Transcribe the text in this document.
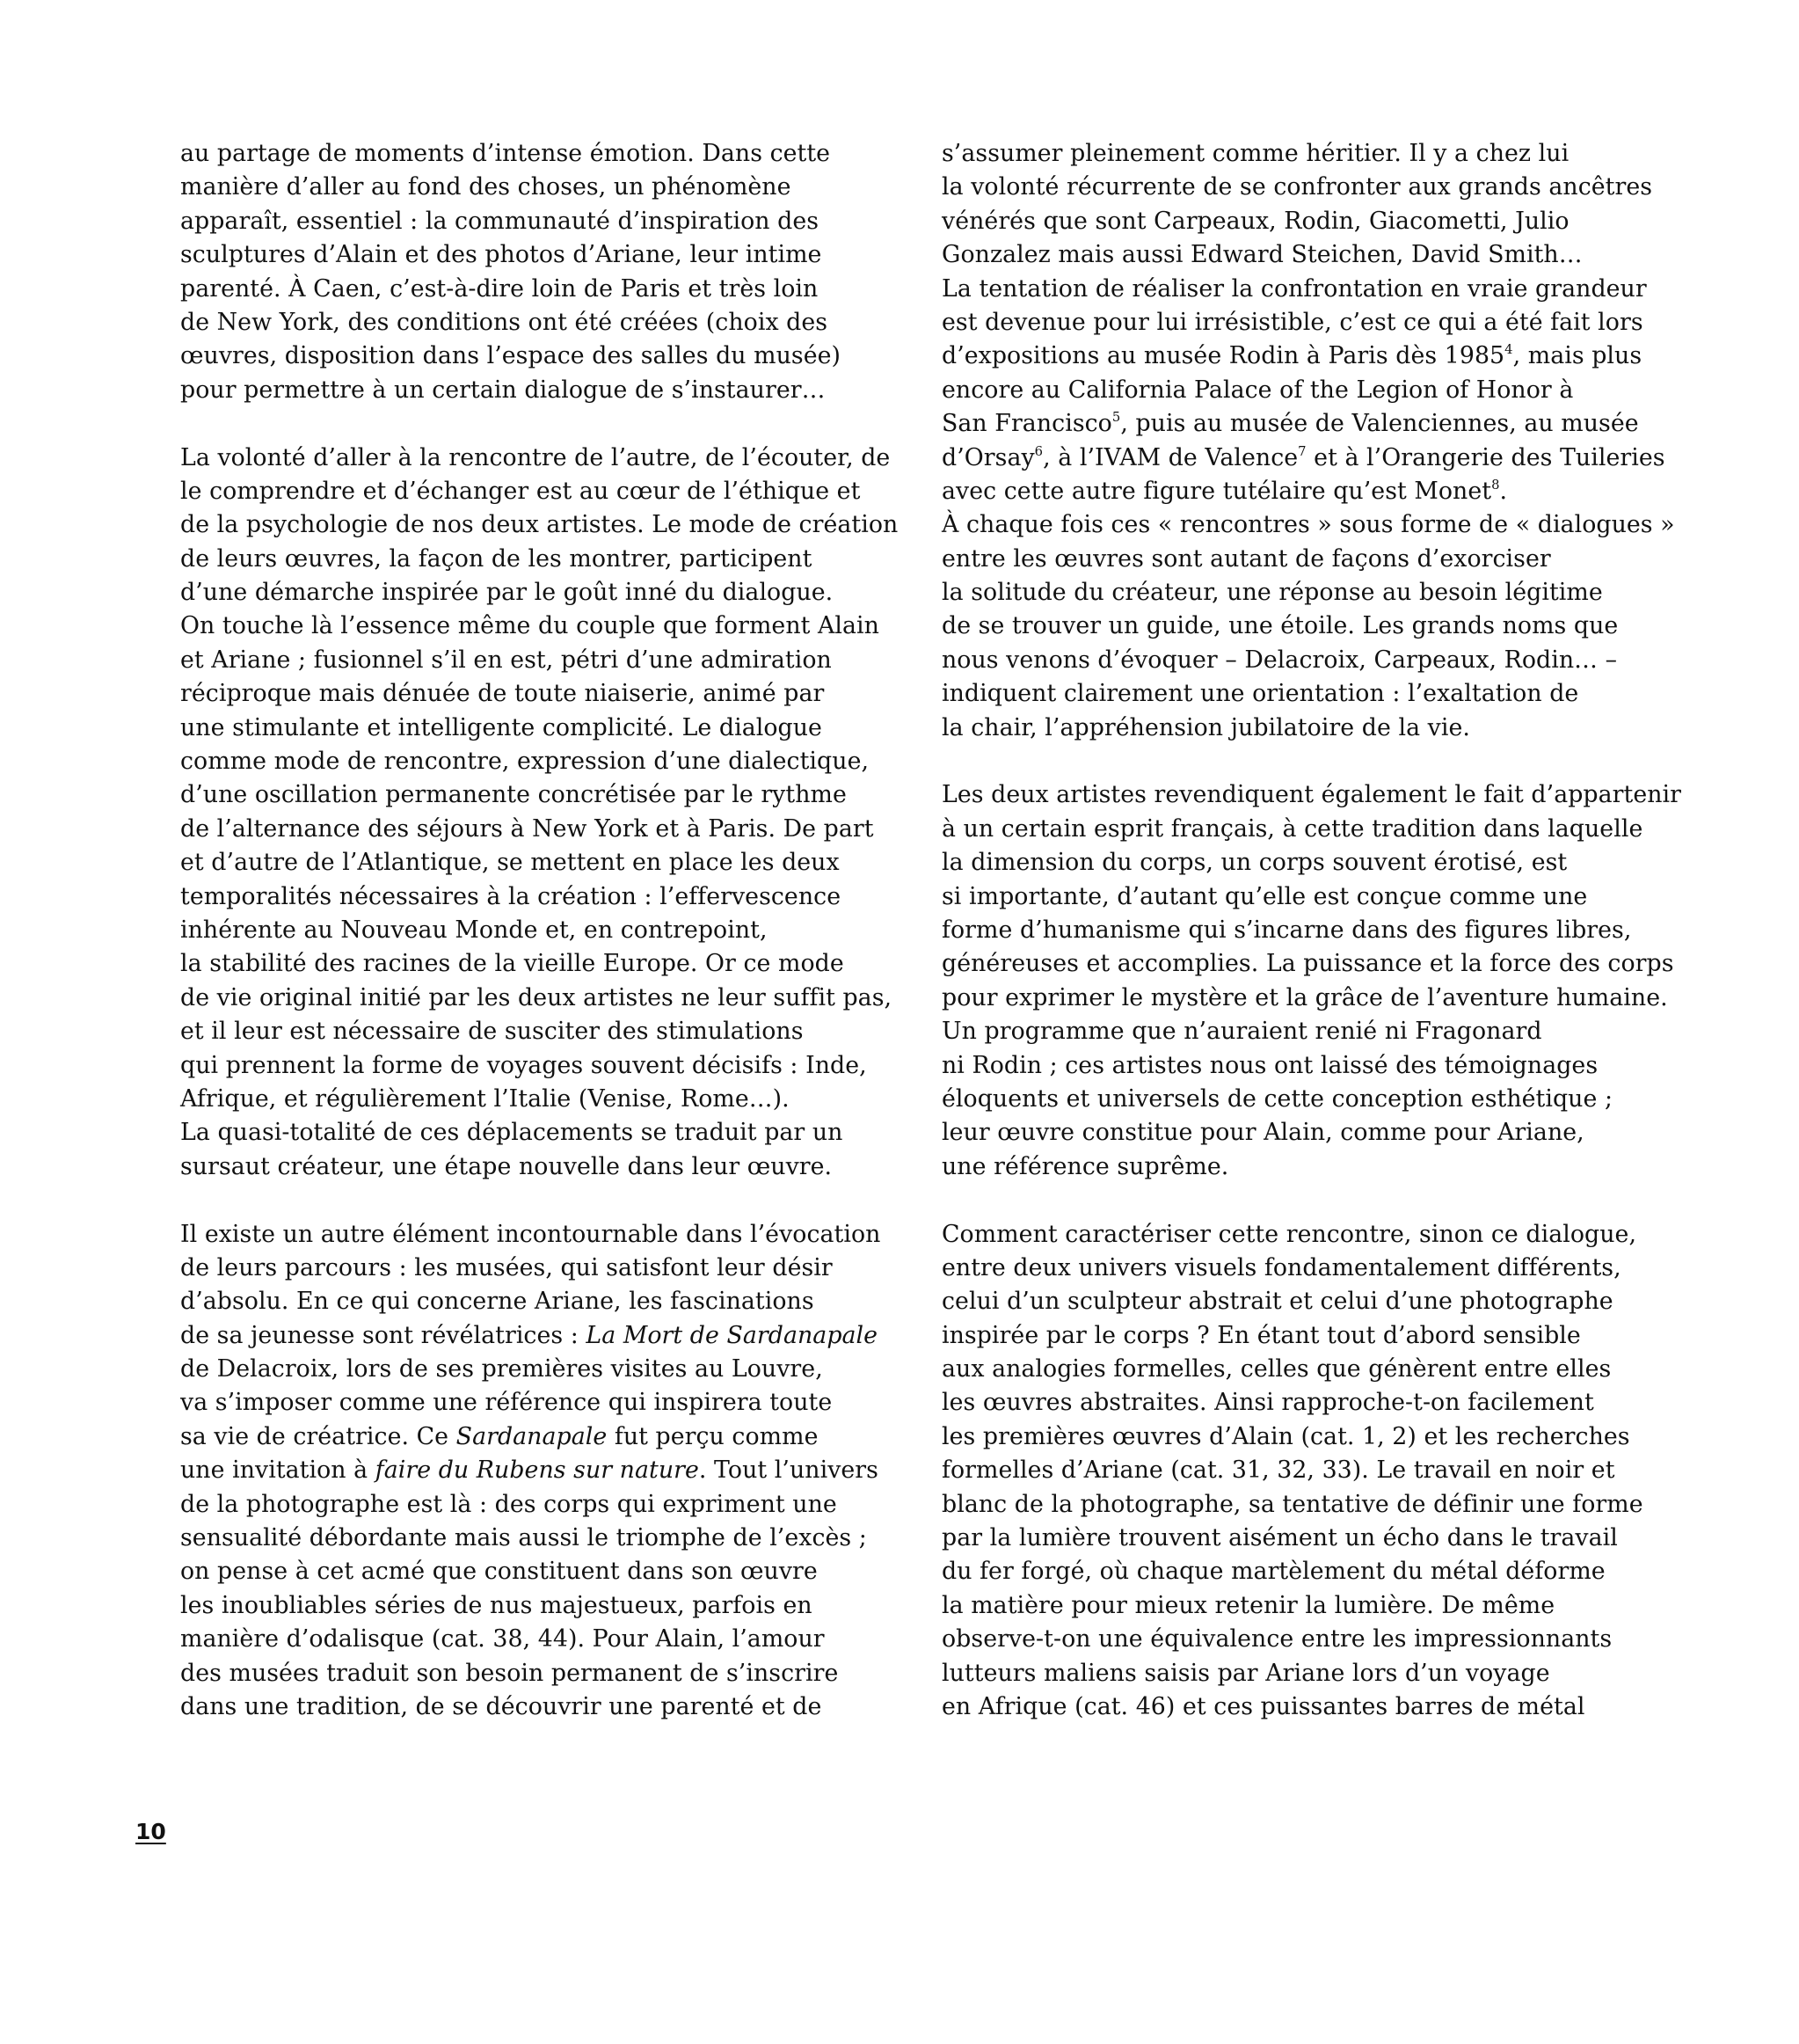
au partage de moments d’intense émotion. Dans cette
manière d’aller au fond des choses, un phénomène
apparaît, essentiel : la communauté d’inspiration des
sculptures d’Alain et des photos d’Ariane, leur intime
parenté. À Caen, c’est-à-dire loin de Paris et très loin
de New York, des conditions ont été créées (choix des
œuvres, disposition dans l’espace des salles du musée)
pour permettre à un certain dialogue de s’instaurer…
La volonté d’aller à la rencontre de l’autre, de l’écouter, de
le comprendre et d’échanger est au cœur de l’éthique et
de la psychologie de nos deux artistes. Le mode de création
de leurs œuvres, la façon de les montrer, participent
d’une démarche inspirée par le goût inné du dialogue.
On touche là l’essence même du couple que forment Alain
et Ariane ; fusionnel s’il en est, pétri d’une admiration
réciproque mais dénuée de toute niaiserie, animé par
une stimulante et intelligente complicité. Le dialogue
comme mode de rencontre, expression d’une dialectique,
d’une oscillation permanente concrétisée par le rythme
de l’alternance des séjours à New York et à Paris. De part
et d’autre de l’Atlantique, se mettent en place les deux
temporalités nécessaires à la création : l’effervescence
inhérente au Nouveau Monde et, en contrepoint,
la stabilité des racines de la vieille Europe. Or ce mode
de vie original initié par les deux artistes ne leur suffit pas,
et il leur est nécessaire de susciter des stimulations
qui prennent la forme de voyages souvent décisifs : Inde,
Afrique, et régulièrement l’Italie (Venise, Rome…).
La quasi-totalité de ces déplacements se traduit par un
sursaut créateur, une étape nouvelle dans leur œuvre.
Il existe un autre élément incontournable dans l’évocation
de leurs parcours : les musées, qui satisfont leur désir
d’absolu. En ce qui concerne Ariane, les fascinations
de sa jeunesse sont révélatrices : La Mort de Sardanapale
de Delacroix, lors de ses premières visites au Louvre,
va s’imposer comme une référence qui inspirera toute
sa vie de créatrice. Ce Sardanapale fut perçu comme
une invitation à faire du Rubens sur nature. Tout l’univers
de la photographe est là : des corps qui expriment une
sensualité débordante mais aussi le triomphe de l’excès ;
on pense à cet acmé que constituent dans son œuvre
les inoubliables séries de nus majestueux, parfois en
manière d’odalisque (cat. 38, 44). Pour Alain, l’amour
des musées traduit son besoin permanent de s’inscrire
dans une tradition, de se découvrir une parenté et de
s’assumer pleinement comme héritier. Il y a chez lui
la volonté récurrente de se confronter aux grands ancêtres
vénérés que sont Carpeaux, Rodin, Giacometti, Julio
Gonzalez mais aussi Edward Steichen, David Smith…
La tentation de réaliser la confrontation en vraie grandeur
est devenue pour lui irrésistible, c’est ce qui a été fait lors
d’expositions au musée Rodin à Paris dès 1985$^4$, mais plus
encore au California Palace of the Legion of Honor à
San Francisco$^5$, puis au musée de Valenciennes, au musée
d’Orsay$^6$, à l’IVAM de Valence$^7$ et à l’Orangerie des Tuileries
avec cette autre figure tutélaire qu’est Monet$^8$.
À chaque fois ces « rencontres » sous forme de « dialogues »
entre les œuvres sont autant de façons d’exorciser
la solitude du créateur, une réponse au besoin légitime
de se trouver un guide, une étoile. Les grands noms que
nous venons d’évoquer – Delacroix, Carpeaux, Rodin… –
indiquent clairement une orientation : l’exaltation de
la chair, l’appréhension jubilatoire de la vie.
Les deux artistes revendiquent également le fait d’appartenir
à un certain esprit français, à cette tradition dans laquelle
la dimension du corps, un corps souvent érotisé, est
si importante, d’autant qu’elle est conçue comme une
forme d’humanisme qui s’incarne dans des figures libres,
généreuses et accomplies. La puissance et la force des corps
pour exprimer le mystère et la grâce de l’aventure humaine.
Un programme que n’auraient renié ni Fragonard
ni Rodin ; ces artistes nous ont laissé des témoignages
éloquents et universels de cette conception esthétique ;
leur œuvre constitue pour Alain, comme pour Ariane,
une référence suprême.
Comment caractériser cette rencontre, sinon ce dialogue,
entre deux univers visuels fondamentalement différents,
celui d’un sculpteur abstrait et celui d’une photographe
inspirée par le corps ? En étant tout d’abord sensible
aux analogies formelles, celles que génèrent entre elles
les œuvres abstraites. Ainsi rapproche-t-on facilement
les premières œuvres d’Alain (cat. 1, 2) et les recherches
formelles d’Ariane (cat. 31, 32, 33). Le travail en noir et
blanc de la photographe, sa tentative de définir une forme
par la lumière trouvent aisément un écho dans le travail
du fer forgé, où chaque martèlement du métal déforme
la matière pour mieux retenir la lumière. De même
observe-t-on une équivalence entre les impressionnants
lutteurs maliens saisis par Ariane lors d’un voyage
en Afrique (cat. 46) et ces puissantes barres de métal
10
